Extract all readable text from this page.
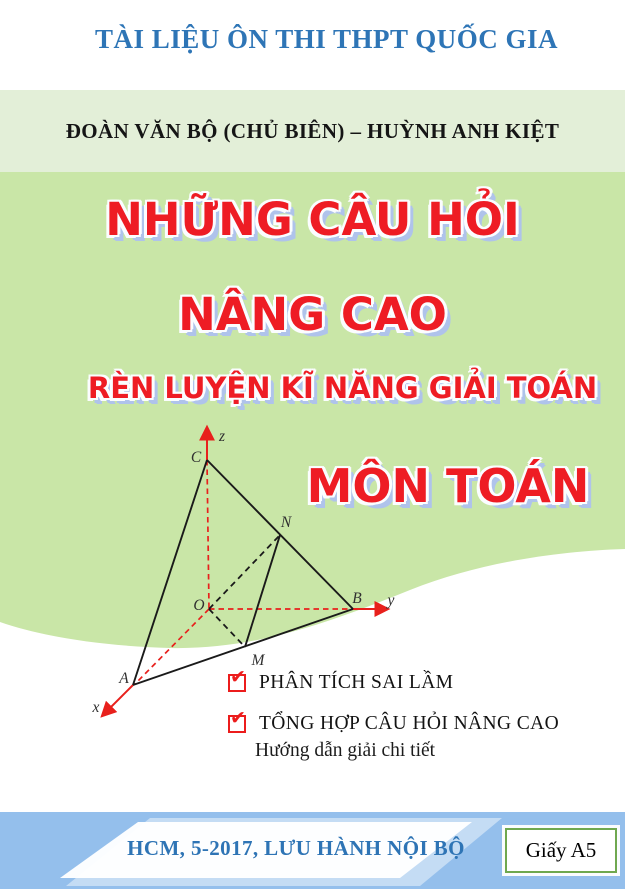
TÀI LIỆU ÔN THI THPT QUỐC GIA
ĐOÀN VĂN BỘ (CHỦ BIÊN) – HUỲNH ANH KIỆT
NHỮNG CÂU HỎI
NÂNG CAO
RÈN LUYỆN KĨ NĂNG GIẢI TOÁN
MÔN TOÁN
z
C
N
O	B y
M
A
x
✔ PHÂN TÍCH SAI LẦM
✔ TỔNG HỢP CÂU HỎI NÂNG CAO
Hướng dẫn giải chi tiết
HCM, 5-2017, LƯU HÀNH NỘI BỘ	Giấy A5
